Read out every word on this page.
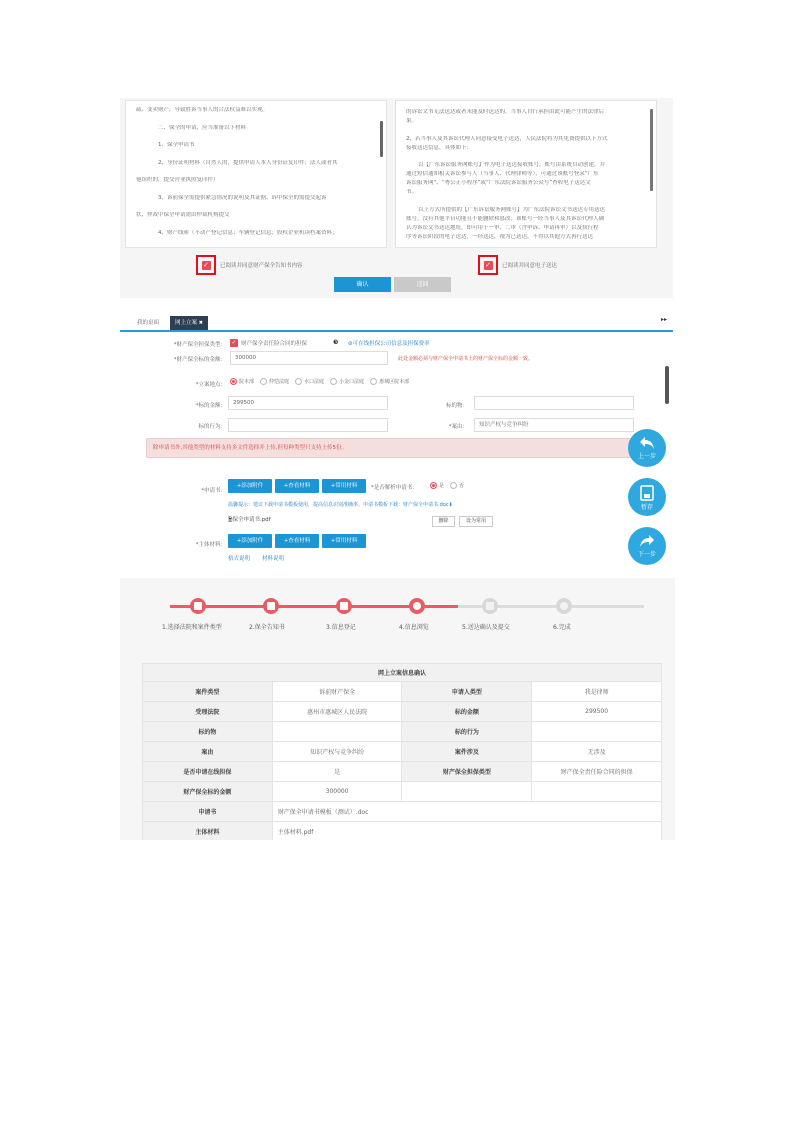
疏、变卖财产，导致胜诉当事人的合法权益难以实现。
二、保全的申请，应当准备以下材料
1、保全申请书
2、身份证明材料（自然人的，提供申请人本人身份证复印件；法人或者其
他组织的，提交营业执照复印件）
3、诉前保全需提供紧急情况的说明及其证据、诉中保全的需提交起诉
状、仲裁中保全申请需由仲裁机构提交
4、财产线索（不动产登记信息；车辆登记信息；股权企业机读档案资料；
的诉讼文书无法送达或者未能及时送达的，当事人自行承担由此可能产生的法律后
果。
2、若当事人及其诉讼代理人同意接受电子送达，人民法院将为其免费提供以下方式
接收送达信息，具体如下：
以【广东诉讼服务网账号】作为电子送达接收账号，账号由系统自动创建，并
通过短信通知相关诉讼参与人（当事人、代理律师等），可通过该账号登录“广东
诉讼服务网”、“粤公正小程序”或“广东法院诉讼服务公众号”查收电子送达文
书。
以上方式所提供的【广东诉讼服务网账号】为广东法院诉讼文书送达专用送达
账号，没有其他平台功能且不能删除和篡改；该账号一经当事人及其诉讼代理人确
认为诉讼文书送达地址，即可用于一审、二审（含申诉、申请再审）以及执行程
序等诉讼阶段的电子送达，一经送达，视为已送达，不得以其他方式再行送达
✓ 已阅读并同意财产保全告知书内容	✓ 已阅读并同意电子送达
确认	返回
我的桌面	网上立案 ✖	▸▸
*财产保全担保类型： ✓ 财产保全责任险合同的担保	❸ ⊘可在线担保公司信息及担保费率
*财产保全标的金额：	300000	此处金额必须与财产保全申请书上的财产保全标的金额一致。
*立案地点：	院本部	仲恺法庭	水口法庭	小金口法庭	惠城区院本部
*标的金额：	299500	标的物：
标的行为：	*案由：	知识产权与竞争纠纷
除申请书外,其他类型的材料支持多文件选择并上传,但每种类型只支持上传5份。
*申请书：
+添加附件	+查看材料	+常用材料	*是否解析申请书：	是	否
温馨提示：建议下载申请书模板使用，提高信息识别准确率。申请书模板下载：财产保全申请书.doc⬇
🗎保全申请书.pdf	删除	设为常用
*主体材料：
+添加附件	+查看材料	+常用材料
格式说明 材料说明
上一步
暂存
下一步
1.选择法院和案件类型	2.保全告知书	3.信息登记	4.信息浏览	5.送达确认及提交	6.完成
网上立案信息确认			
案件类型	诉前财产保全	申请人类型	我是律师
受理法院	惠州市惠城区人民法院	标的金额	299500
标的物		标的行为	
案由	知识产权与竞争纠纷	案件涉及	无涉及
是否申请在线担保	是	财产保全担保类型	财产保全责任险合同的担保
财产保全标的金额	300000		
申请书	财产保全申请书模板（测试）.doc		
主体材料	主体材料.pdf		
